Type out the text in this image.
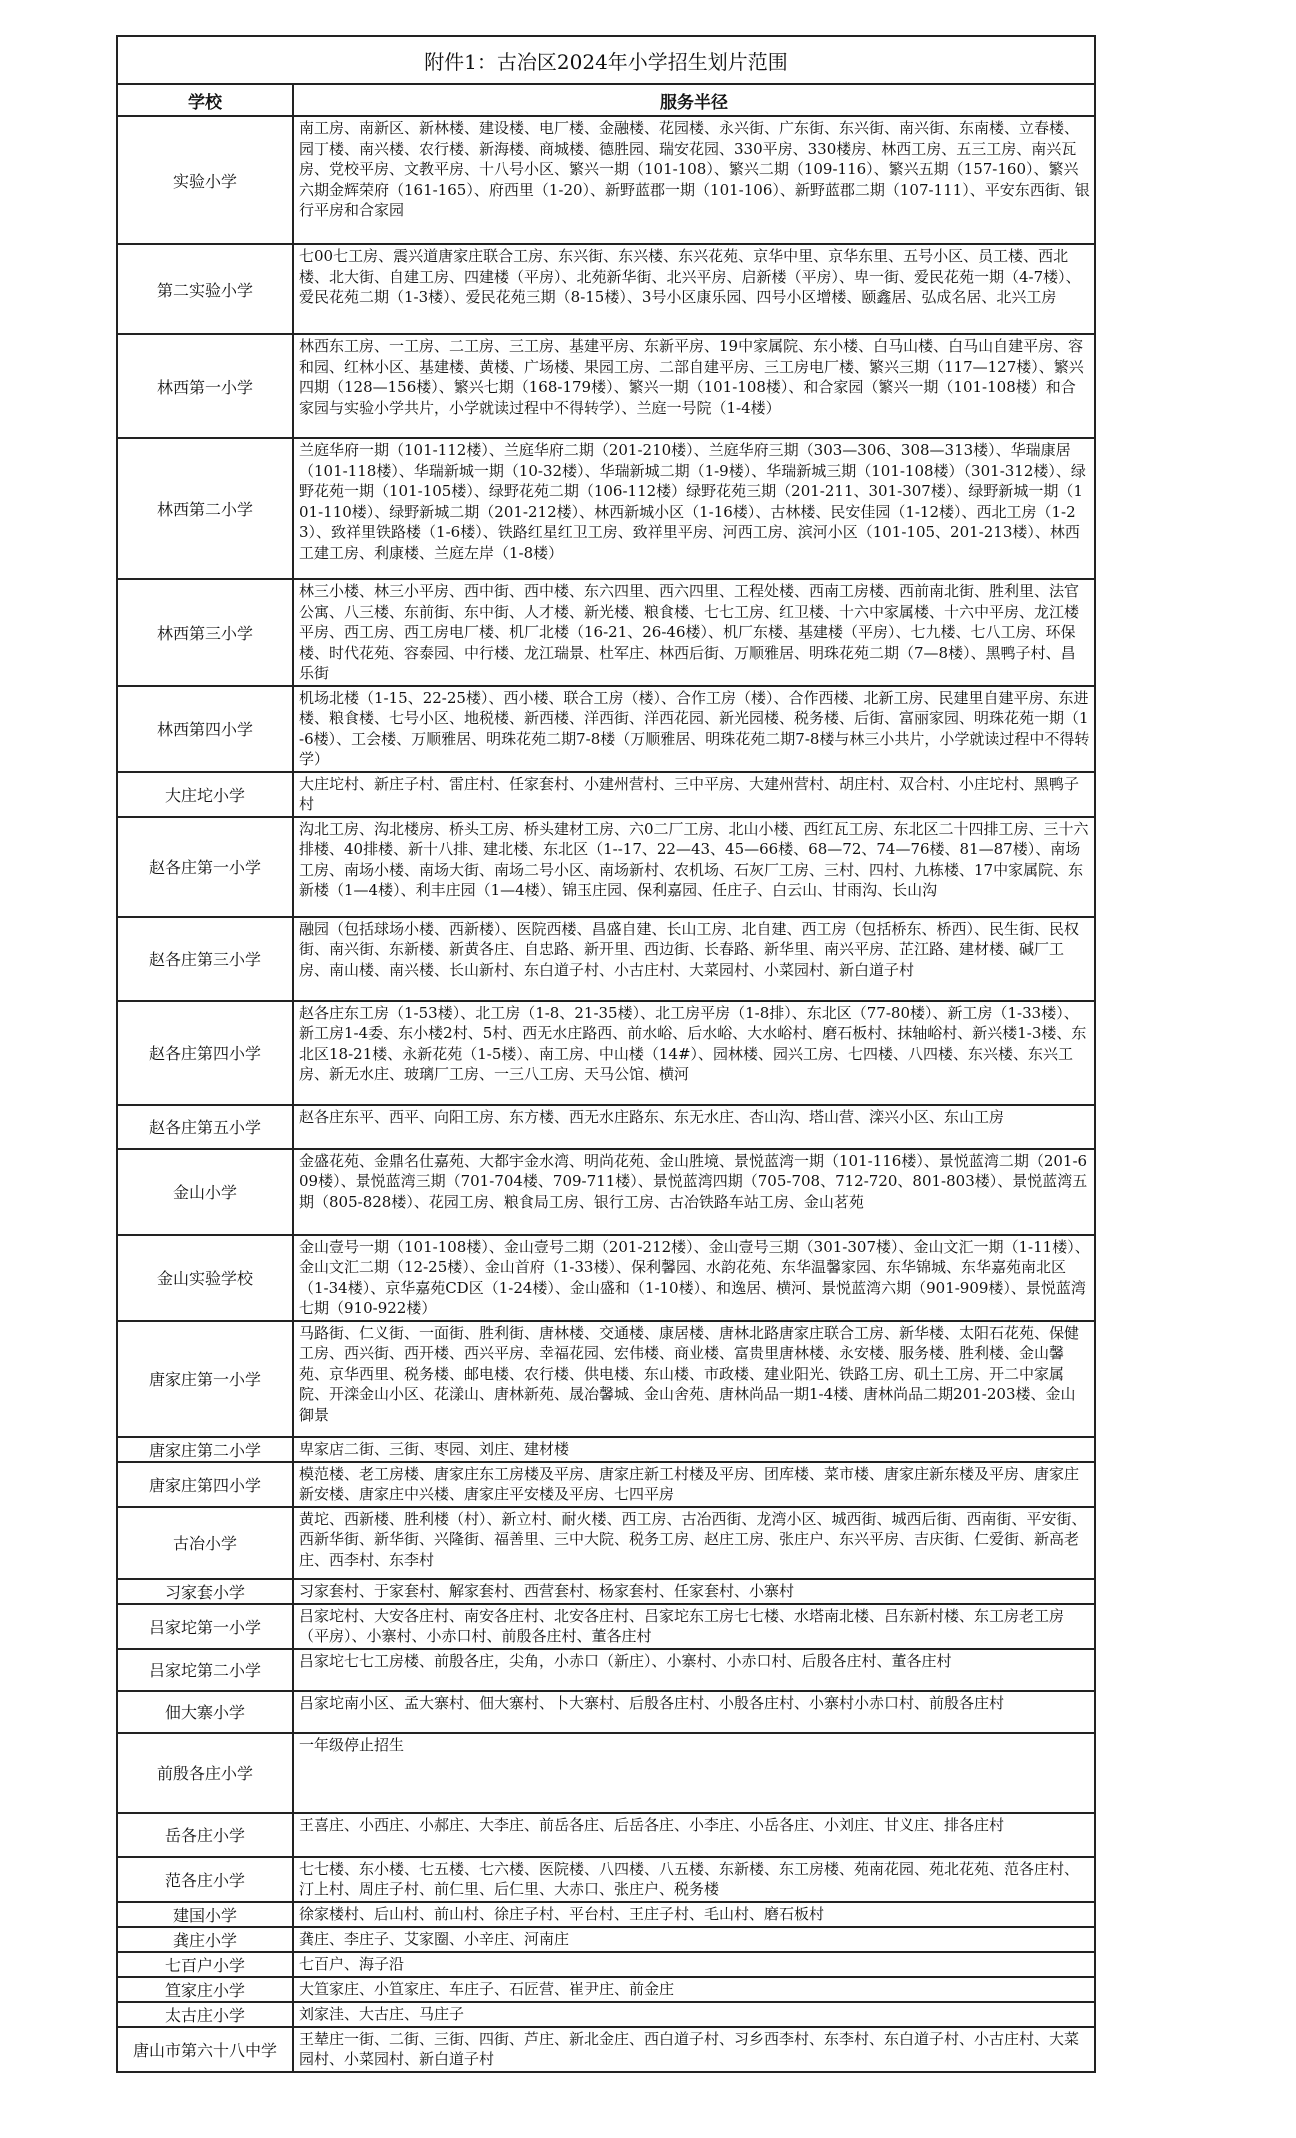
附件1：古冶区2024年小学招生划片范围	
学校	服务半径
实验小学	南工房、南新区、新林楼、建设楼、电厂楼、金融楼、花园楼、永兴街、广东街、东兴街、南兴街、东南楼、立春楼、园丁楼、南兴楼、农行楼、新海楼、商城楼、德胜园、瑞安花园、330平房、330楼房、林西工房、五三工房、南兴瓦房、党校平房、文教平房、十八号小区、繁兴一期（101-108）、繁兴二期（109-116）、繁兴五期（157-160）、繁兴六期金辉荣府（161-165）、府西里（1-20）、新野蓝郡一期（101-106）、新野蓝郡二期（107-111）、平安东西街、银行平房和合家园
第二实验小学	七00七工房、震兴道唐家庄联合工房、东兴街、东兴楼、东兴花苑、京华中里、京华东里、五号小区、员工楼、西北楼、北大街、自建工房、四建楼（平房）、北苑新华街、北兴平房、启新楼（平房）、卑一街、爱民花苑一期（4-7楼）、爱民花苑二期（1-3楼）、爱民花苑三期（8-15楼）、3号小区康乐园、四号小区增楼、颐鑫居、弘成名居、北兴工房
林西第一小学	林西东工房、一工房、二工房、三工房、基建平房、东新平房、19中家属院、东小楼、白马山楼、白马山自建平房、容和园、红林小区、基建楼、黄楼、广场楼、果园工房、二部自建平房、三工房电厂楼、繁兴三期（117—127楼）、繁兴四期（128—156楼）、繁兴七期（168-179楼）、繁兴一期（101-108楼）、和合家园（繁兴一期（101-108楼）和合家园与实验小学共片，小学就读过程中不得转学）、兰庭一号院（1-4楼）
林西第二小学	兰庭华府一期（101-112楼）、兰庭华府二期（201-210楼）、兰庭华府三期（303—306、308—313楼）、华瑞康居（101-118楼）、华瑞新城一期（10-32楼）、华瑞新城二期（1-9楼）、华瑞新城三期（101-108楼）（301-312楼）、绿野花苑一期（101-105楼）、绿野花苑二期（106-112楼）绿野花苑三期（201-211、301-307楼）、绿野新城一期（101-110楼）、绿野新城二期（201-212楼）、林西新城小区（1-16楼）、古林楼、民安佳园（1-12楼）、西北工房（1-23）、致祥里铁路楼（1-6楼）、铁路红星红卫工房、致祥里平房、河西工房、滨河小区（101-105、201-213楼）、林西工建工房、利康楼、兰庭左岸（1-8楼）
林西第三小学	林三小楼、林三小平房、西中街、西中楼、东六四里、西六四里、工程处楼、西南工房楼、西前南北街、胜利里、法官公寓、八三楼、东前街、东中街、人才楼、新光楼、粮食楼、七七工房、红卫楼、十六中家属楼、十六中平房、龙江楼平房、西工房、西工房电厂楼、机厂北楼（16-21、26-46楼）、机厂东楼、基建楼（平房）、七九楼、七八工房、环保楼、时代花苑、容泰园、中行楼、龙江瑞景、杜军庄、林西后街、万顺雅居、明珠花苑二期（7—8楼）、黑鸭子村、昌乐街
林西第四小学	机场北楼（1-15、22-25楼）、西小楼、联合工房（楼）、合作工房（楼）、合作西楼、北新工房、民建里自建平房、东进楼、粮食楼、七号小区、地税楼、新西楼、洋西街、洋西花园、新光园楼、税务楼、后街、富丽家园、明珠花苑一期（1-6楼）、工会楼、万顺雅居、明珠花苑二期7-8楼（万顺雅居、明珠花苑二期7-8楼与林三小共片，小学就读过程中不得转学）
大庄坨小学	大庄坨村、新庄子村、雷庄村、任家套村、小建州营村、三中平房、大建州营村、胡庄村、双合村、小庄坨村、黑鸭子村
赵各庄第一小学	沟北工房、沟北楼房、桥头工房、桥头建材工房、六0二厂工房、北山小楼、西红瓦工房、东北区二十四排工房、三十六排楼、40排楼、新十八排、建北楼、东北区（1--17、22—43、45—66楼、68—72、74—76楼、81—87楼）、南场工房、南场小楼、南场大街、南场二号小区、南场新村、农机场、石灰厂工房、三村、四村、九栋楼、17中家属院、东新楼（1—4楼）、利丰庄园（1—4楼）、锦玉庄园、保利嘉园、任庄子、白云山、甘雨沟、长山沟
赵各庄第三小学	融园（包括球场小楼、西新楼）、医院西楼、昌盛自建、长山工房、北自建、西工房（包括桥东、桥西）、民生街、民权街、南兴街、东新楼、新黄各庄、自忠路、新开里、西边街、长春路、新华里、南兴平房、芷江路、建材楼、碱厂工房、南山楼、南兴楼、长山新村、东白道子村、小古庄村、大菜园村、小菜园村、新白道子村
赵各庄第四小学	赵各庄东工房（1-53楼）、北工房（1-8、21-35楼）、北工房平房（1-8排）、东北区（77-80楼）、新工房（1-33楼）、新工房1-4委、东小楼2村、5村、西无水庄路西、前水峪、后水峪、大水峪村、磨石板村、抹轴峪村、新兴楼1-3楼、东北区18-21楼、永新花苑（1-5楼）、南工房、中山楼（14#）、园林楼、园兴工房、七四楼、八四楼、东兴楼、东兴工房、新无水庄、玻璃厂工房、一三八工房、天马公馆、横河
赵各庄第五小学	赵各庄东平、西平、向阳工房、东方楼、西无水庄路东、东无水庄、杏山沟、塔山营、滦兴小区、东山工房
金山小学	金盛花苑、金鼎名仕嘉苑、大都宇金水湾、明尚花苑、金山胜境、景悦蓝湾一期（101-116楼）、景悦蓝湾二期（201-609楼）、景悦蓝湾三期（701-704楼、709-711楼）、景悦蓝湾四期（705-708、712-720、801-803楼）、景悦蓝湾五期（805-828楼）、花园工房、粮食局工房、银行工房、古冶铁路车站工房、金山茗苑
金山实验学校	金山壹号一期（101-108楼）、金山壹号二期（201-212楼）、金山壹号三期（301-307楼）、金山文汇一期（1-11楼）、金山文汇二期（12-25楼）、金山首府（1-33楼）、保利馨园、水韵花苑、东华温馨家园、东华锦城、东华嘉苑南北区（1-34楼）、京华嘉苑CD区（1-24楼）、金山盛和（1-10楼）、和逸居、横河、景悦蓝湾六期（901-909楼）、景悦蓝湾七期（910-922楼）
唐家庄第一小学	马路街、仁义街、一面街、胜利街、唐林楼、交通楼、康居楼、唐林北路唐家庄联合工房、新华楼、太阳石花苑、保健工房、西兴街、西开楼、西兴平房、幸福花园、宏伟楼、商业楼、富贵里唐林楼、永安楼、服务楼、胜利楼、金山馨苑、京华西里、税务楼、邮电楼、农行楼、供电楼、东山楼、市政楼、建业阳光、铁路工房、矶土工房、开二中家属院、开滦金山小区、花漾山、唐林新苑、晟冶馨城、金山舍苑、唐林尚品一期1-4楼、唐林尚品二期201-203楼、金山御景
唐家庄第二小学	卑家店二街、三街、枣园、刘庄、建材楼
唐家庄第四小学	模范楼、老工房楼、唐家庄东工房楼及平房、唐家庄新工村楼及平房、团库楼、菜市楼、唐家庄新东楼及平房、唐家庄新安楼、唐家庄中兴楼、唐家庄平安楼及平房、七四平房
古冶小学	黄坨、西新楼、胜利楼（村）、新立村、耐火楼、西工房、古冶西街、龙湾小区、城西街、城西后街、西南街、平安街、西新华街、新华街、兴隆街、福善里、三中大院、税务工房、赵庄工房、张庄户、东兴平房、吉庆街、仁爱街、新高老庄、西李村、东李村
习家套小学	习家套村、于家套村、解家套村、西营套村、杨家套村、任家套村、小寨村
吕家坨第一小学	吕家坨村、大安各庄村、南安各庄村、北安各庄村、吕家坨东工房七七楼、水塔南北楼、吕东新村楼、东工房老工房（平房）、小寨村、小赤口村、前殷各庄村、董各庄村
吕家坨第二小学	吕家坨七七工房楼、前殷各庄，尖角，小赤口（新庄）、小寨村、小赤口村、后殷各庄村、董各庄村
佃大寨小学	吕家坨南小区、孟大寨村、佃大寨村、卜大寨村、后殷各庄村、小殷各庄村、小寨村小赤口村、前殷各庄村
前殷各庄小学	一年级停止招生
岳各庄小学	王喜庄、小西庄、小郝庄、大李庄、前岳各庄、后岳各庄、小李庄、小岳各庄、小刘庄、甘义庄、排各庄村
范各庄小学	七七楼、东小楼、七五楼、七六楼、医院楼、八四楼、八五楼、东新楼、东工房楼、苑南花园、苑北花苑、范各庄村、汀上村、周庄子村、前仁里、后仁里、大赤口、张庄户、税务楼
建国小学	徐家楼村、后山村、前山村、徐庄子村、平台村、王庄子村、毛山村、磨石板村
龚庄小学	龚庄、李庄子、艾家圈、小辛庄、河南庄
七百户小学	七百户、海子沿
笪家庄小学	大笪家庄、小笪家庄、车庄子、石匠营、崔尹庄、前金庄
太古庄小学	刘家洼、大古庄、马庄子
唐山市第六十八中学	王辇庄一街、二街、三街、四街、芦庄、新北金庄、西白道子村、习乡西李村、东李村、东白道子村、小古庄村、大菜园村、小菜园村、新白道子村
